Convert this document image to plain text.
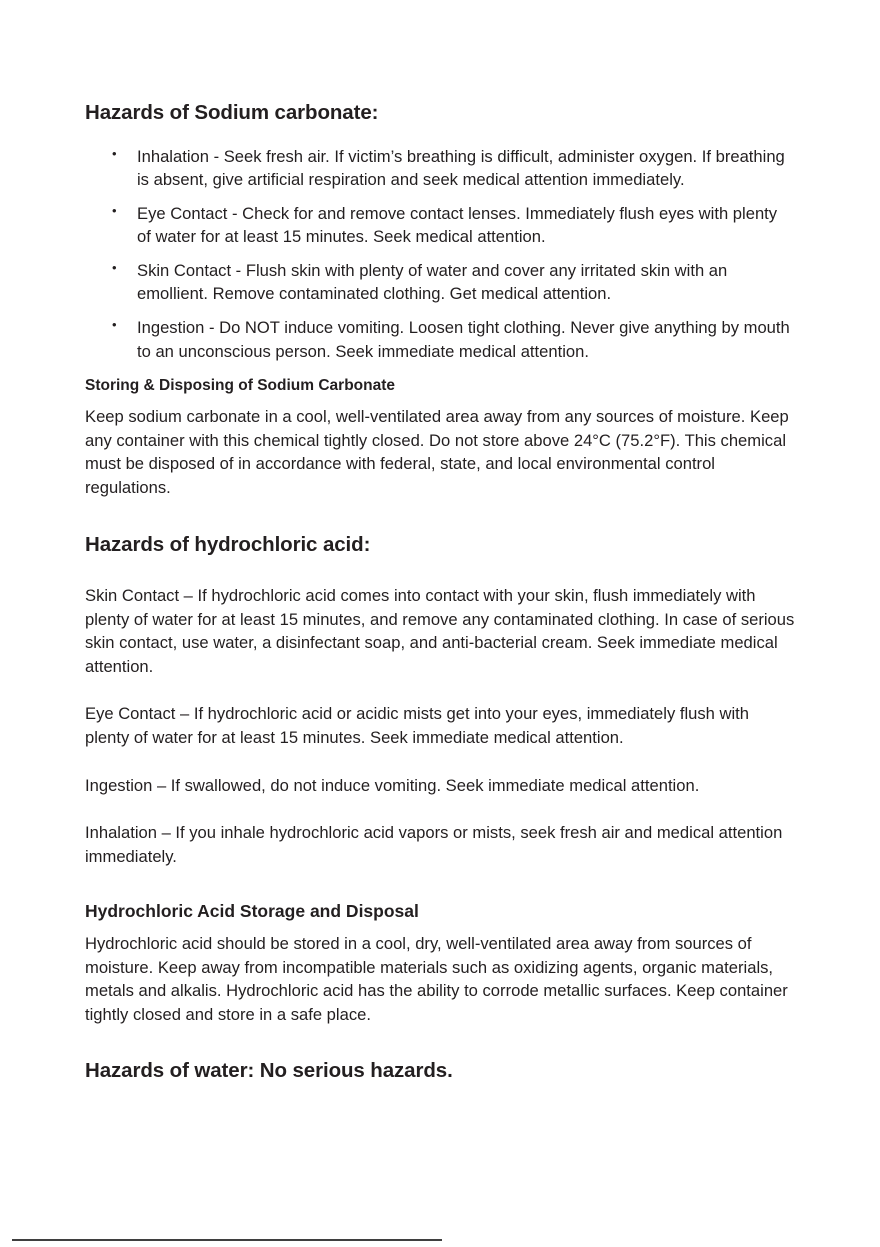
Hazards of Sodium carbonate:
• Inhalation - Seek fresh air. If victim’s breathing is difficult, administer oxygen. If breathing is absent, give artificial respiration and seek medical attention immediately.
• Eye Contact - Check for and remove contact lenses. Immediately flush eyes with plenty of water for at least 15 minutes. Seek medical attention.
• Skin Contact - Flush skin with plenty of water and cover any irritated skin with an emollient. Remove contaminated clothing. Get medical attention.
• Ingestion - Do NOT induce vomiting. Loosen tight clothing. Never give anything by mouth to an unconscious person. Seek immediate medical attention.
Storing & Disposing of Sodium Carbonate

Keep sodium carbonate in a cool, well-ventilated area away from any sources of moisture. Keep any container with this chemical tightly closed. Do not store above 24°C (75.2°F). This chemical must be disposed of in accordance with federal, state, and local environmental control regulations.

Hazards of hydrochloric acid:

Skin Contact – If hydrochloric acid comes into contact with your skin, flush immediately with plenty of water for at least 15 minutes, and remove any contaminated clothing. In case of serious skin contact, use water, a disinfectant soap, and anti-bacterial cream. Seek immediate medical attention.

Eye Contact – If hydrochloric acid or acidic mists get into your eyes, immediately flush with plenty of water for at least 15 minutes. Seek immediate medical attention.

Ingestion – If swallowed, do not induce vomiting. Seek immediate medical attention.

Inhalation – If you inhale hydrochloric acid vapors or mists, seek fresh air and medical attention immediately.

Hydrochloric Acid Storage and Disposal

Hydrochloric acid should be stored in a cool, dry, well-ventilated area away from sources of moisture. Keep away from incompatible materials such as oxidizing agents, organic materials, metals and alkalis. Hydrochloric acid has the ability to corrode metallic surfaces. Keep container tightly closed and store in a safe place.

Hazards of water: No serious hazards.
